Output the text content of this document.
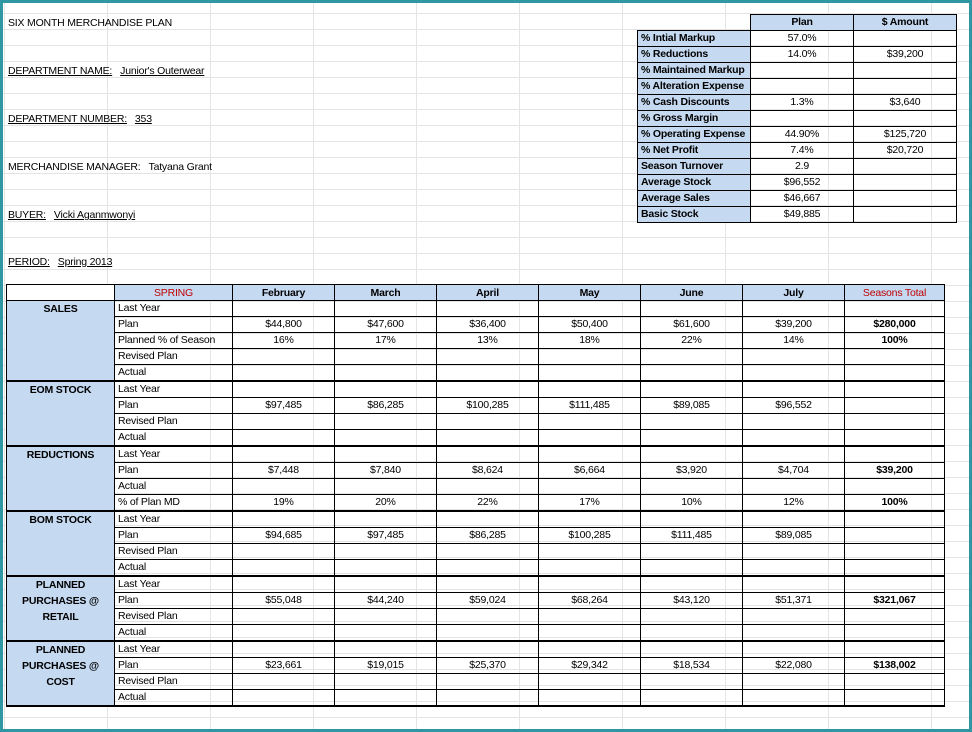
SIX MONTH MERCHANDISE PLAN
DEPARTMENT NAME: Junior's Outerwear
DEPARTMENT NUMBER: 353
MERCHANDISE MANAGER: Tatyana Grant
BUYER: Vicki Aganmwonyi
PERIOD: Spring 2013
	Plan	$ Amount
% Intial Markup	57.0%	
% Reductions	14.0%	$39,200
% Maintained Markup		
% Alteration Expense		
% Cash Discounts	1.3%	$3,640
% Gross Margin		
% Operating Expense	44.90%	$125,720
% Net Profit	7.4%	$20,720
Season Turnover	2.9	
Average Stock	$96,552	
Average Sales	$46,667	
Basic Stock	$49,885	
	SPRING	February	March	April	May	June	July	Seasons Total
SALES	Last Year							
	Plan	$44,800	$47,600	$36,400	$50,400	$61,600	$39,200	$280,000
	Planned % of Season	16%	17%	13%	18%	22%	14%	100%
	Revised Plan							
	Actual							
EOM STOCK	Last Year							
	Plan	$97,485	$86,285	$100,285	$111,485	$89,085	$96,552	
	Revised Plan							
	Actual							
REDUCTIONS	Last Year							
	Plan	$7,448	$7,840	$8,624	$6,664	$3,920	$4,704	$39,200
	Actual							
	% of Plan MD	19%	20%	22%	17%	10%	12%	100%
BOM STOCK	Last Year							
	Plan	$94,685	$97,485	$86,285	$100,285	$111,485	$89,085	
	Revised Plan							
	Actual							
PLANNED PURCHASES @ RETAIL	Last Year							
	Plan	$55,048	$44,240	$59,024	$68,264	$43,120	$51,371	$321,067
	Revised Plan							
	Actual							
PLANNED PURCHASES @ COST	Last Year							
	Plan	$23,661	$19,015	$25,370	$29,342	$18,534	$22,080	$138,002
	Revised Plan							
	Actual							
